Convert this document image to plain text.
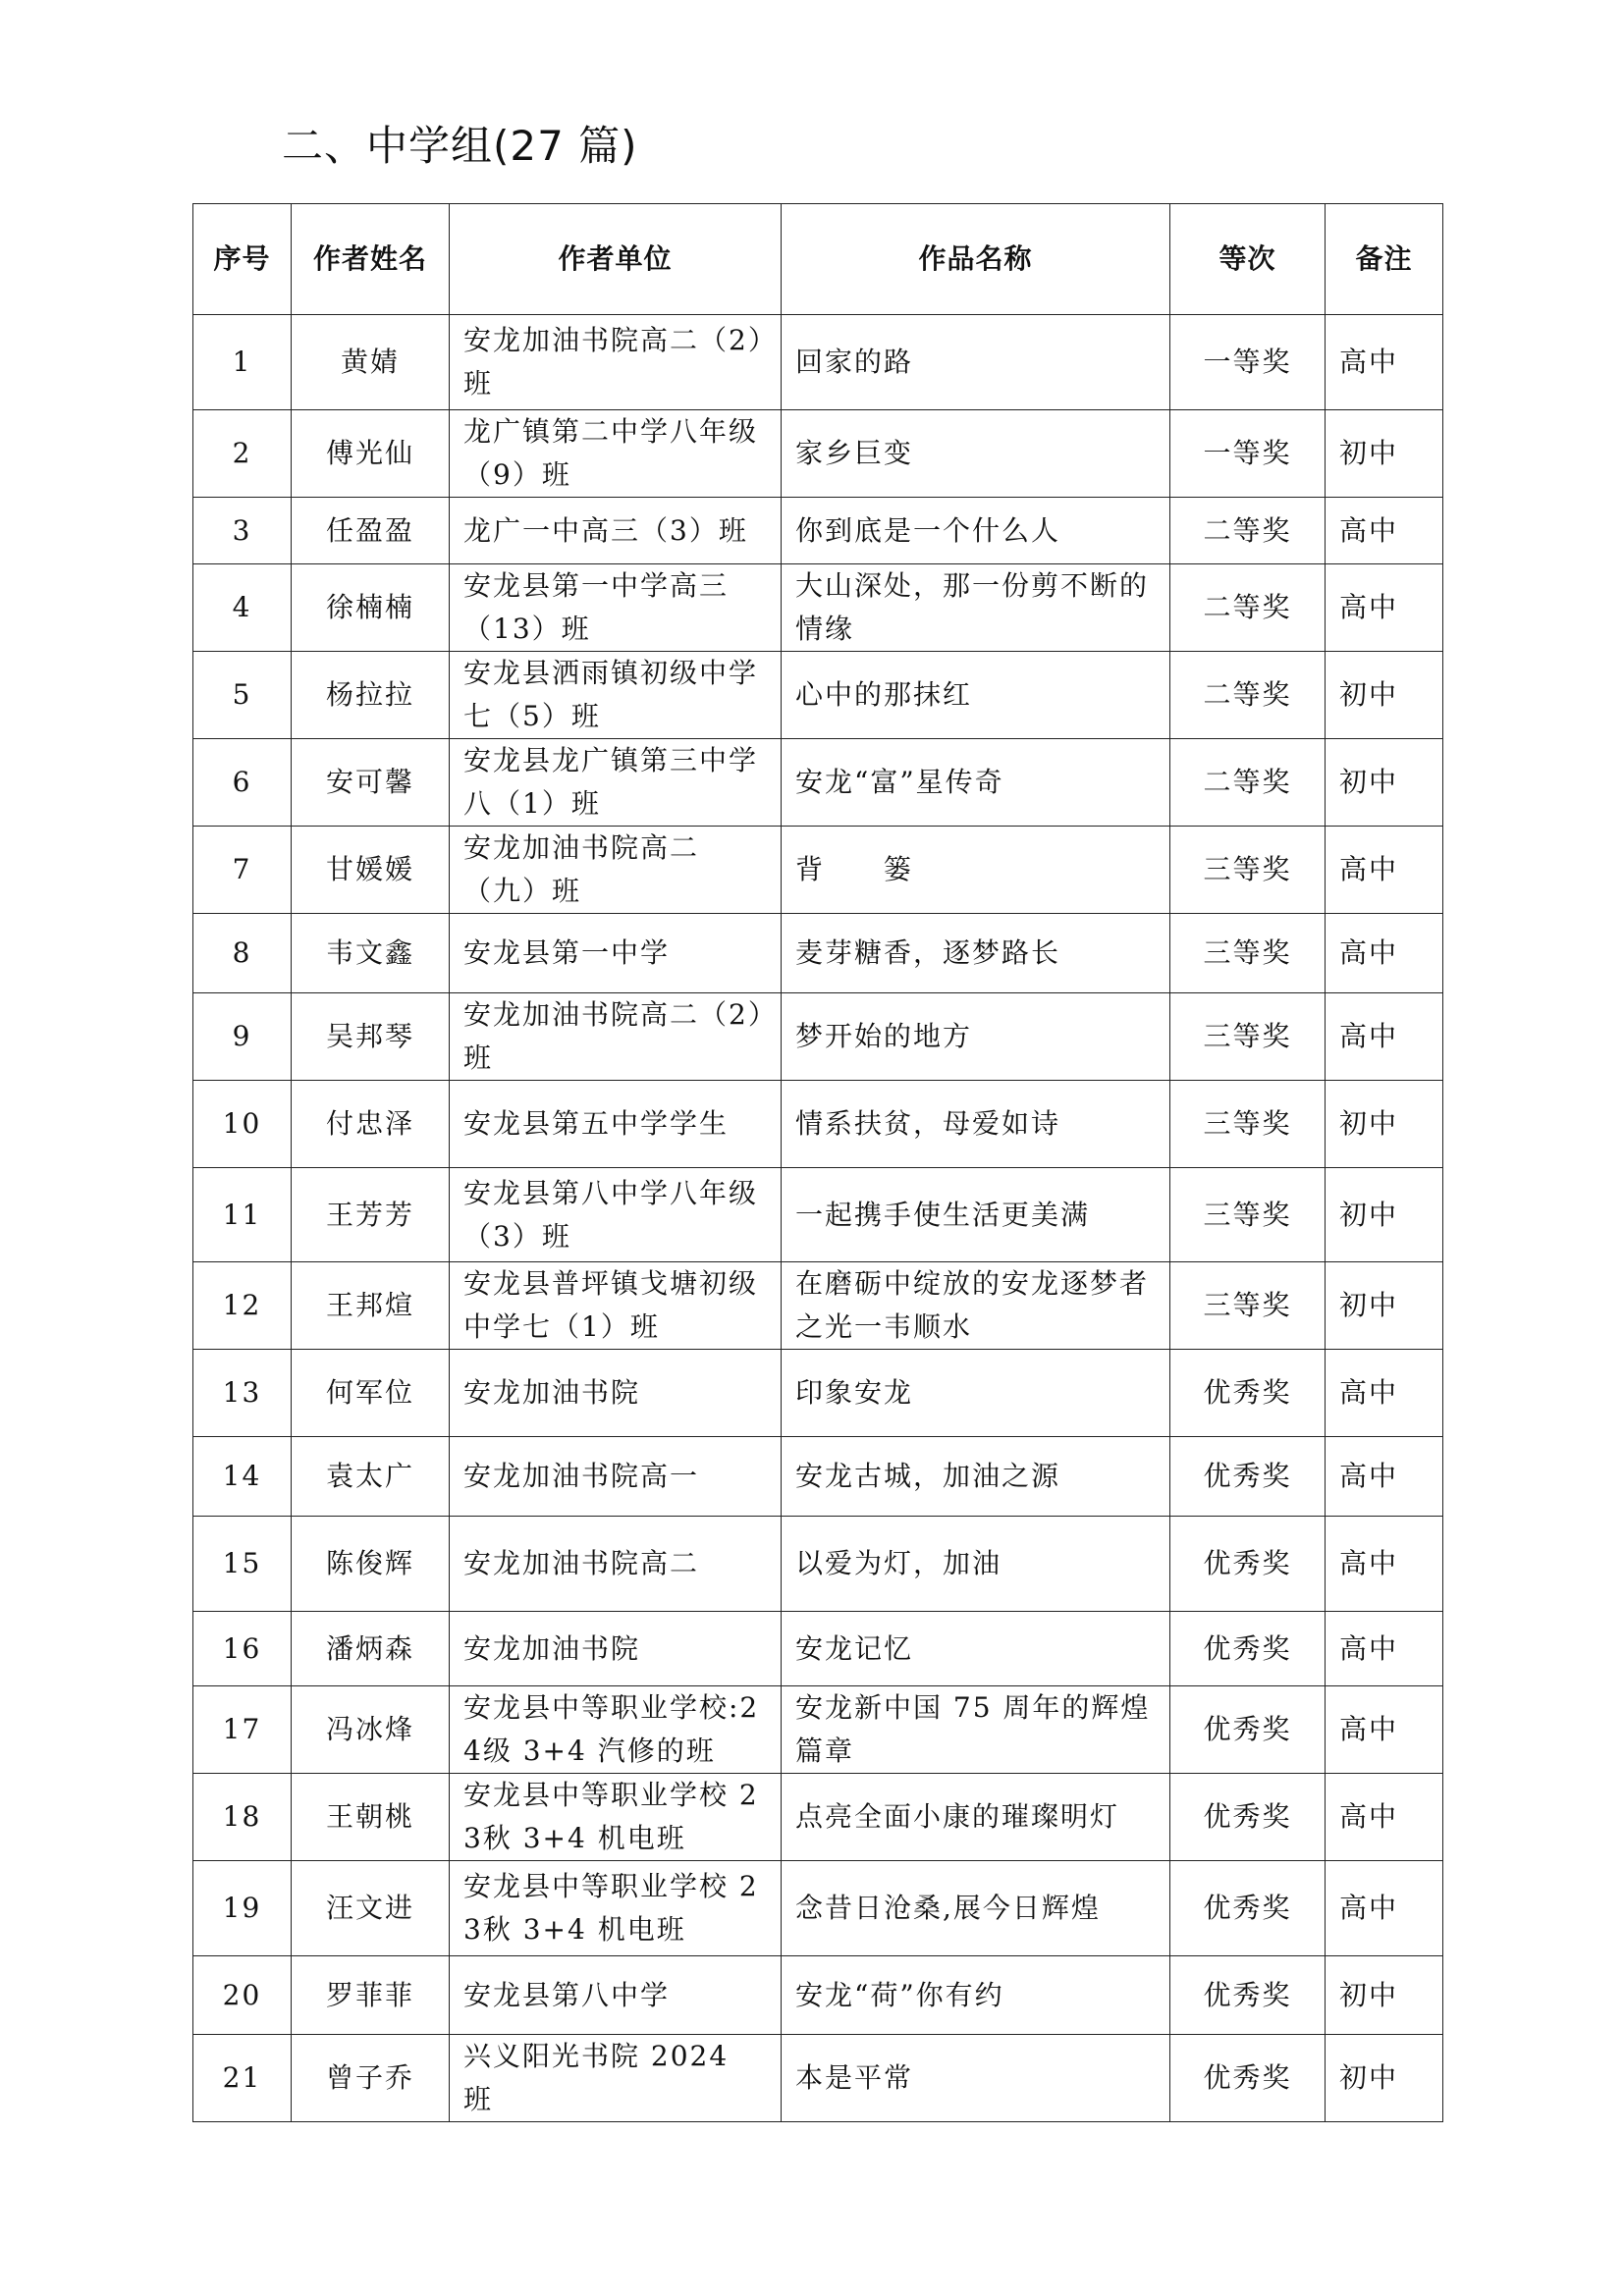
二、中学组(27 篇)
序号	作者姓名	作者单位	作品名称	等次	备注
1	黄婧	安龙加油书院高二（2）班	回家的路	一等奖	高中
2	傅光仙	龙广镇第二中学八年级（9）班	家乡巨变	一等奖	初中
3	任盈盈	龙广一中高三（3）班	你到底是一个什么人	二等奖	高中
4	徐楠楠	安龙县第一中学高三（13）班	大山深处，那一份剪不断的情缘	二等奖	高中
5	杨拉拉	安龙县洒雨镇初级中学七（5）班	心中的那抹红	二等奖	初中
6	安可馨	安龙县龙广镇第三中学八（1）班	安龙“富”星传奇	二等奖	初中
7	甘媛媛	安龙加油书院高二（九）班	背　　篓	三等奖	高中
8	韦文鑫	安龙县第一中学	麦芽糖香，逐梦路长	三等奖	高中
9	吴邦琴	安龙加油书院高二（2）班	梦开始的地方	三等奖	高中
10	付忠泽	安龙县第五中学学生	情系扶贫，母爱如诗	三等奖	初中
11	王芳芳	安龙县第八中学八年级（3）班	一起携手使生活更美满	三等奖	初中
12	王邦煊	安龙县普坪镇戈塘初级中学七（1）班	在磨砺中绽放的安龙逐梦者之光一韦顺水	三等奖	初中
13	何军位	安龙加油书院	印象安龙	优秀奖	高中
14	袁太广	安龙加油书院高一	安龙古城，加油之源	优秀奖	高中
15	陈俊辉	安龙加油书院高二	以爱为灯，加油	优秀奖	高中
16	潘炳森	安龙加油书院	安龙记忆	优秀奖	高中
17	冯冰烽	安龙县中等职业学校:24级 3+4 汽修的班	安龙新中国 75 周年的辉煌篇章	优秀奖	高中
18	王朝桃	安龙县中等职业学校 23秋 3+4 机电班	点亮全面小康的璀璨明灯	优秀奖	高中
19	汪文进	安龙县中等职业学校 23秋 3+4 机电班	念昔日沧桑,展今日辉煌	优秀奖	高中
20	罗菲菲	安龙县第八中学	安龙“荷”你有约	优秀奖	初中
21	曾子乔	兴义阳光书院 2024 班	本是平常	优秀奖	初中
